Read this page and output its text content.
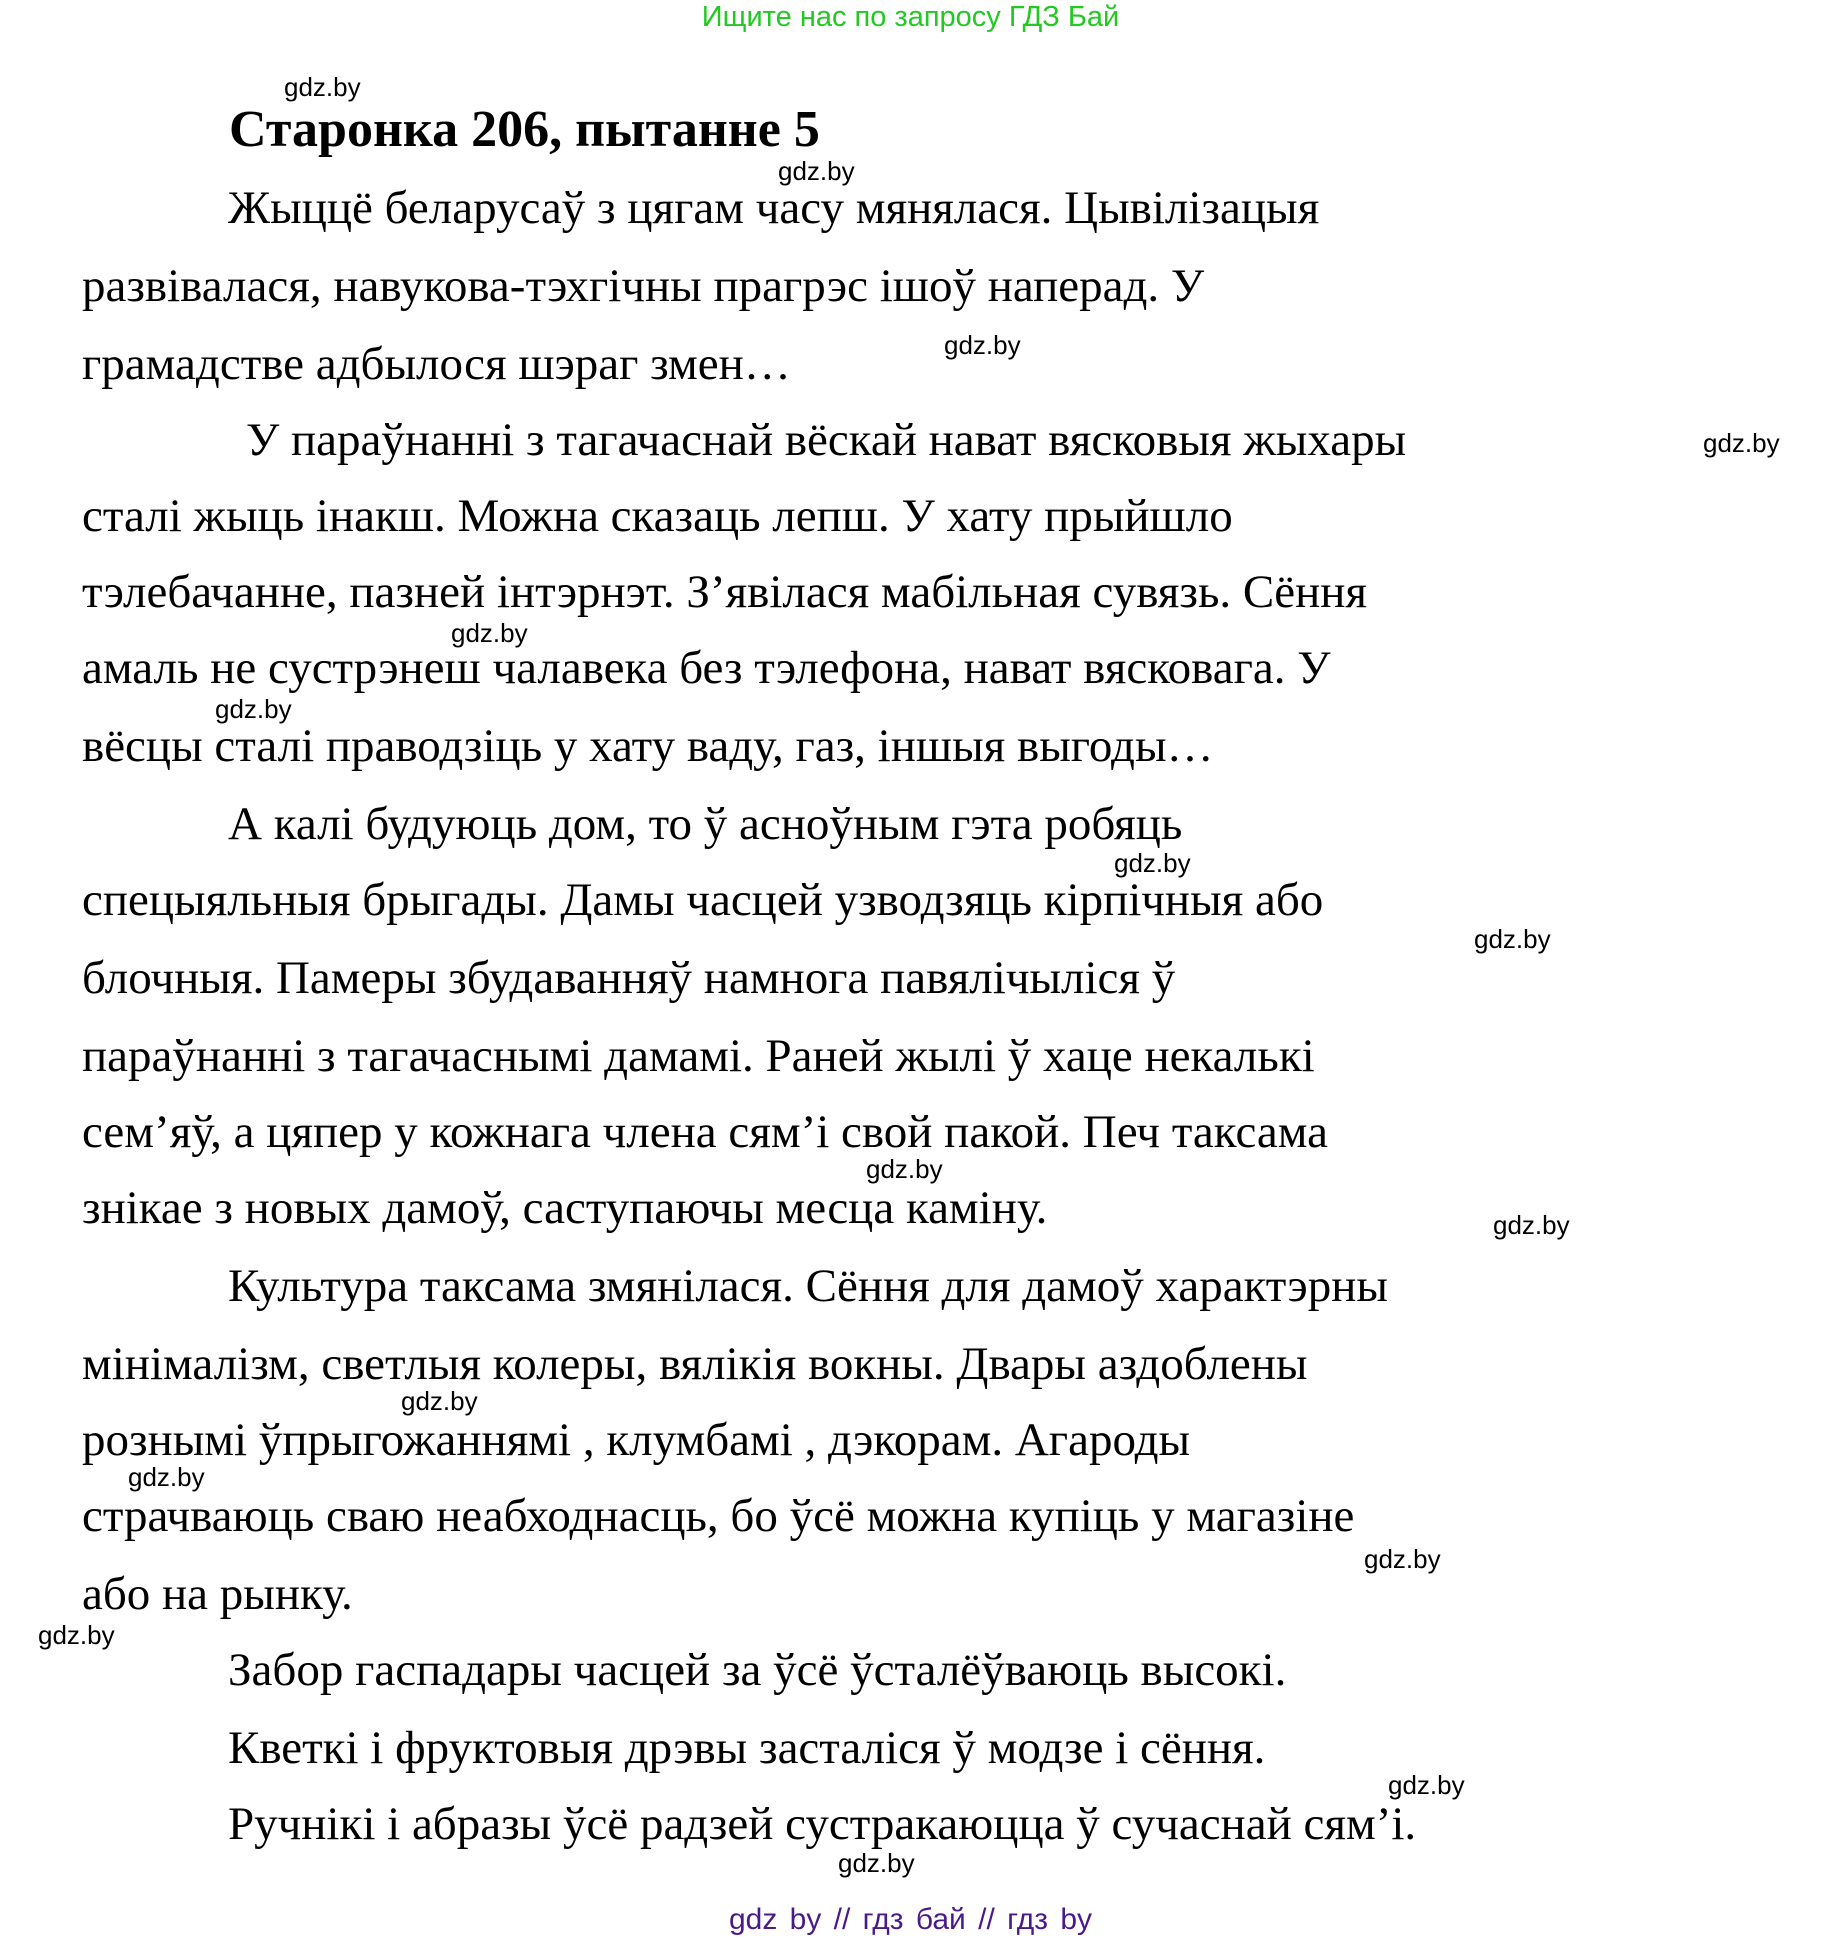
Ищите нас по запросу ГДЗ Бай
gdz.by
Старонка 206, пытанне 5
gdz.by
Жыццё беларусаў з цягам часу мянялася. Цывілізацыя
развівалася, навукова-тэхгічны прагрэс ішоў наперад. У
gdz.by
грамадстве адбылося шэраг змен…
У параўнанні з тагачаснай вёскай нават вясковыя жыхары	gdz.by
сталі жыць інакш. Можна сказаць лепш. У хату прыйшло
тэлебачанне, пазней інтэрнэт. З’явілася мабільная сувязь. Сёння
gdz.by
амаль не сустрэнеш чалавека без тэлефона, нават вясковага. У
gdz.by
вёсцы сталі праводзіць у хату ваду, газ, іншыя выгоды…
А калі будуюць дом, то ў асноўным гэта робяць
gdz.by
спецыяльныя брыгады. Дамы часцей узводзяць кірпічныя або
gdz.by
блочныя. Памеры збудаванняў намнога павялічыліся ў
параўнанні з тагачаснымі дамамі. Раней жылі ў хаце некалькі
сем’яў, а цяпер у кожнага члена сям’і свой пакой. Печ таксама
gdz.by
знікае з новых дамоў, саступаючы месца каміну.	gdz.by
Культура таксама змянілася. Сёння для дамоў характэрны
мінімалізм, светлыя колеры, вялікія вокны. Двары аздоблены
gdz.by
рознымі ўпрыгожаннямі , клумбамі , дэкорам. Агароды
gdz.by
страчваюць сваю неабходнасць, бо ўсё можна купіць у магазіне
gdz.by
або на рынку.
gdz.by
Забор гаспадары часцей за ўсё ўсталёўваюць высокі.
Кветкі і фруктовыя дрэвы засталіся ў модзе і сёння.
gdz.by
Ручнікі і абразы ўсё радзей сустракаюцца ў сучаснай сям’і.
gdz.by
gdz by // гдз бай // гдз by
